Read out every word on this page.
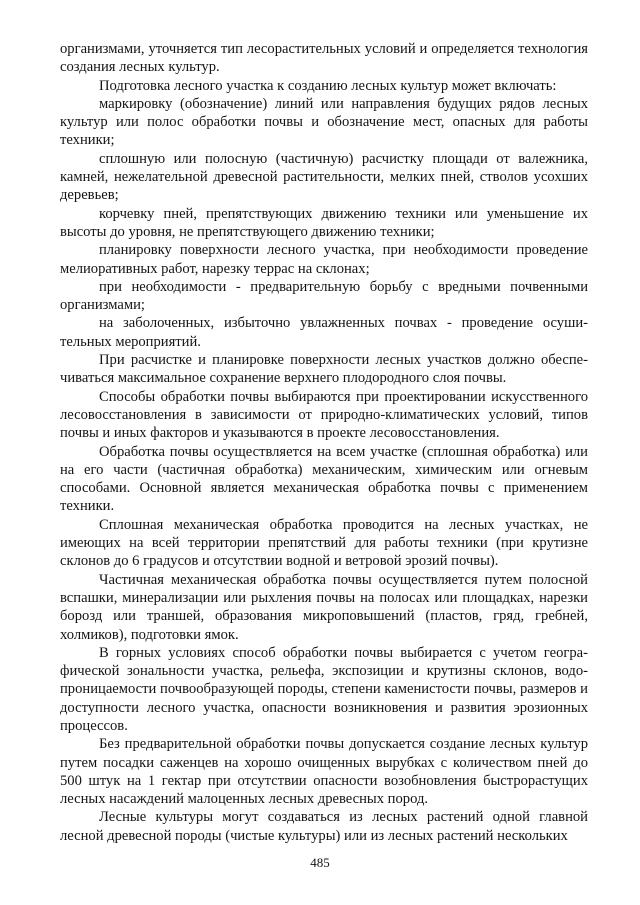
организмами, уточняется тип лесорастительных условий и определяется технология создания лесных культур.

Подготовка лесного участка к созданию лесных культур может включать:

маркировку (обозначение) линий или направления будущих рядов лесных культур или полос обработки почвы и обозначение мест, опасных для работы техники;

сплошную или полосную (частичную) расчистку площади от валежника, камней, нежелательной древесной растительности, мелких пней, стволов усохших деревьев;

корчевку пней, препятствующих движению техники или уменьшение их высоты до уровня, не препятствующего движению техники;

планировку поверхности лесного участка, при необходимости проведение мелиоративных работ, нарезку террас на склонах;

при необходимости - предварительную борьбу с вредными почвенными организмами;

на заболоченных, избыточно увлажненных почвах - проведение осушительных мероприятий.

При расчистке и планировке поверхности лесных участков должно обеспечиваться максимальное сохранение верхнего плодородного слоя почвы.

Способы обработки почвы выбираются при проектировании искусственного лесовосстановления в зависимости от природно-климатических условий, типов почвы и иных факторов и указываются в проекте лесовосстановления.

Обработка почвы осуществляется на всем участке (сплошная обработка) или на его части (частичная обработка) механическим, химическим или огневым способами. Основной является механическая обработка почвы с применением техники.

Сплошная механическая обработка проводится на лесных участках, не имеющих на всей территории препятствий для работы техники (при крутизне склонов до 6 градусов и отсутствии водной и ветровой эрозий почвы).

Частичная механическая обработка почвы осуществляется путем полосной вспашки, минерализации или рыхления почвы на полосах или площадках, нарезки борозд или траншей, образования микроповышений (пластов, гряд, гребней, холмиков), подготовки ямок.

В горных условиях способ обработки почвы выбирается с учетом географической зональности участка, рельефа, экспозиции и крутизны склонов, водопроницаемости почвообразующей породы, степени каменистости почвы, размеров и доступности лесного участка, опасности возникновения и развития эрозионных процессов.

Без предварительной обработки почвы допускается создание лесных культур путем посадки саженцев на хорошо очищенных вырубках с количеством пней до 500 штук на 1 гектар при отсутствии опасности возобновления быстрорастущих лесных насаждений малоценных лесных древесных пород.

Лесные культуры могут создаваться из лесных растений одной главной лесной древесной породы (чистые культуры) или из лесных растений нескольких

485
